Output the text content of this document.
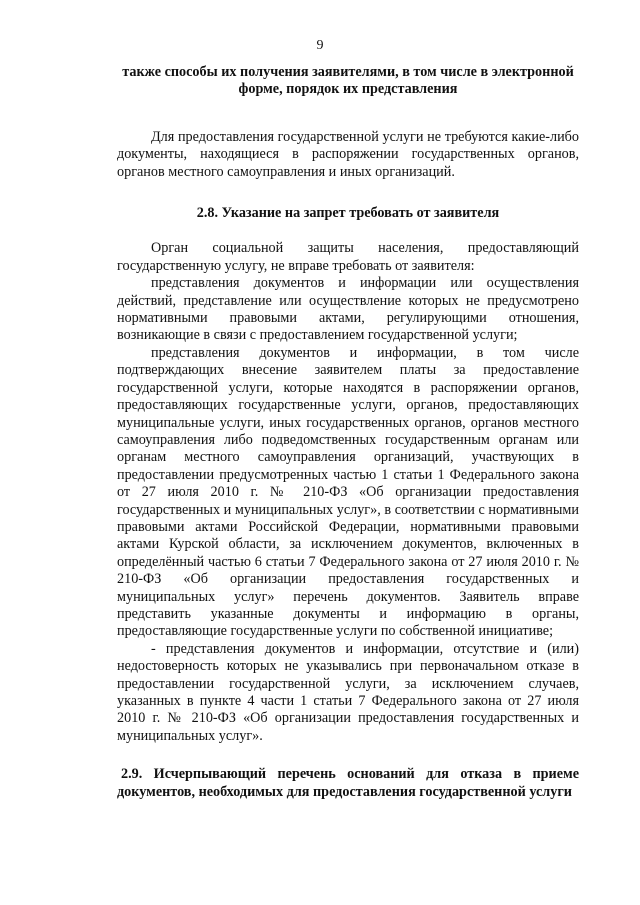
9

также способы их получения заявителями, в том числе в электронной форме, порядок их представления

Для предоставления государственной услуги не требуются какие-либо документы, находящиеся в распоряжении государственных органов, органов местного самоуправления и иных организаций.

2.8. Указание на запрет требовать от заявителя

Орган социальной защиты населения, предоставляющий государственную услугу, не вправе требовать от заявителя:

представления документов и информации или осуществления действий, представление или осуществление которых не предусмотрено нормативными правовыми актами, регулирующими отношения, возникающие в связи с предоставлением государственной услуги;

представления документов и информации, в том числе подтверждающих внесение заявителем платы за предоставление государственной услуги, которые находятся в распоряжении органов, предоставляющих государственные услуги, органов, предоставляющих муниципальные услуги, иных государственных органов, органов местного самоуправления либо подведомственных государственным органам или органам местного самоуправления организаций, участвующих в предоставлении предусмотренных частью 1 статьи 1 Федерального закона от 27 июля 2010 г. № 210-ФЗ «Об организации предоставления государственных и муниципальных услуг», в соответствии с нормативными правовыми актами Российской Федерации, нормативными правовыми актами Курской области, за исключением документов, включенных в определённый частью 6 статьи 7 Федерального закона от 27 июля 2010 г. № 210-ФЗ «Об организации предоставления государственных и муниципальных услуг» перечень документов. Заявитель вправе представить указанные документы и информацию в органы, предоставляющие государственные услуги по собственной инициативе;

- представления документов и информации, отсутствие и (или) недостоверность которых не указывались при первоначальном отказе в предоставлении государственной услуги, за исключением случаев, указанных в пункте 4 части 1 статьи 7 Федерального закона от 27 июля 2010 г. № 210-ФЗ «Об организации предоставления государственных и муниципальных услуг».

2.9. Исчерпывающий перечень оснований для отказа в приеме документов, необходимых для предоставления государственной услуги
